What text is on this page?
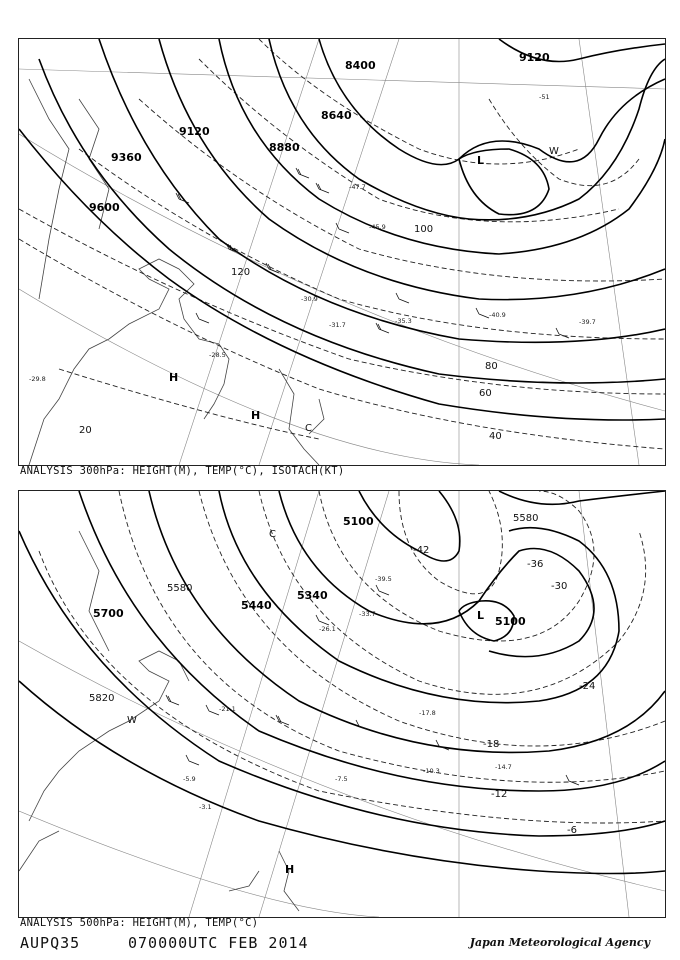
8400
8640
8880
9120
9360
9600
9120
20
40
60
80
100
120
L
H
H
W
C
-51
-47.7
-45.9
-40.9
-39.7
-35.3
-31.7
-30.9
-29.8
-28.5
ANALYSIS 300hPa: HEIGHT(M), TEMP(°C), ISOTACH(KT)
5100
5340
5440
5580
5700
5820
5100
5580
-42
-36
-30
-24
-18
-12
-6
L
H
W
C
-39.5
-33.7
-26.1
-21.1	-17.8
-14.7
-10.3
-7.5
-5.9
-3.1
ANALYSIS 500hPa: HEIGHT(M), TEMP(°C)
AUPQ35	070000UTC FEB 2014	Japan Meteorological Agency
